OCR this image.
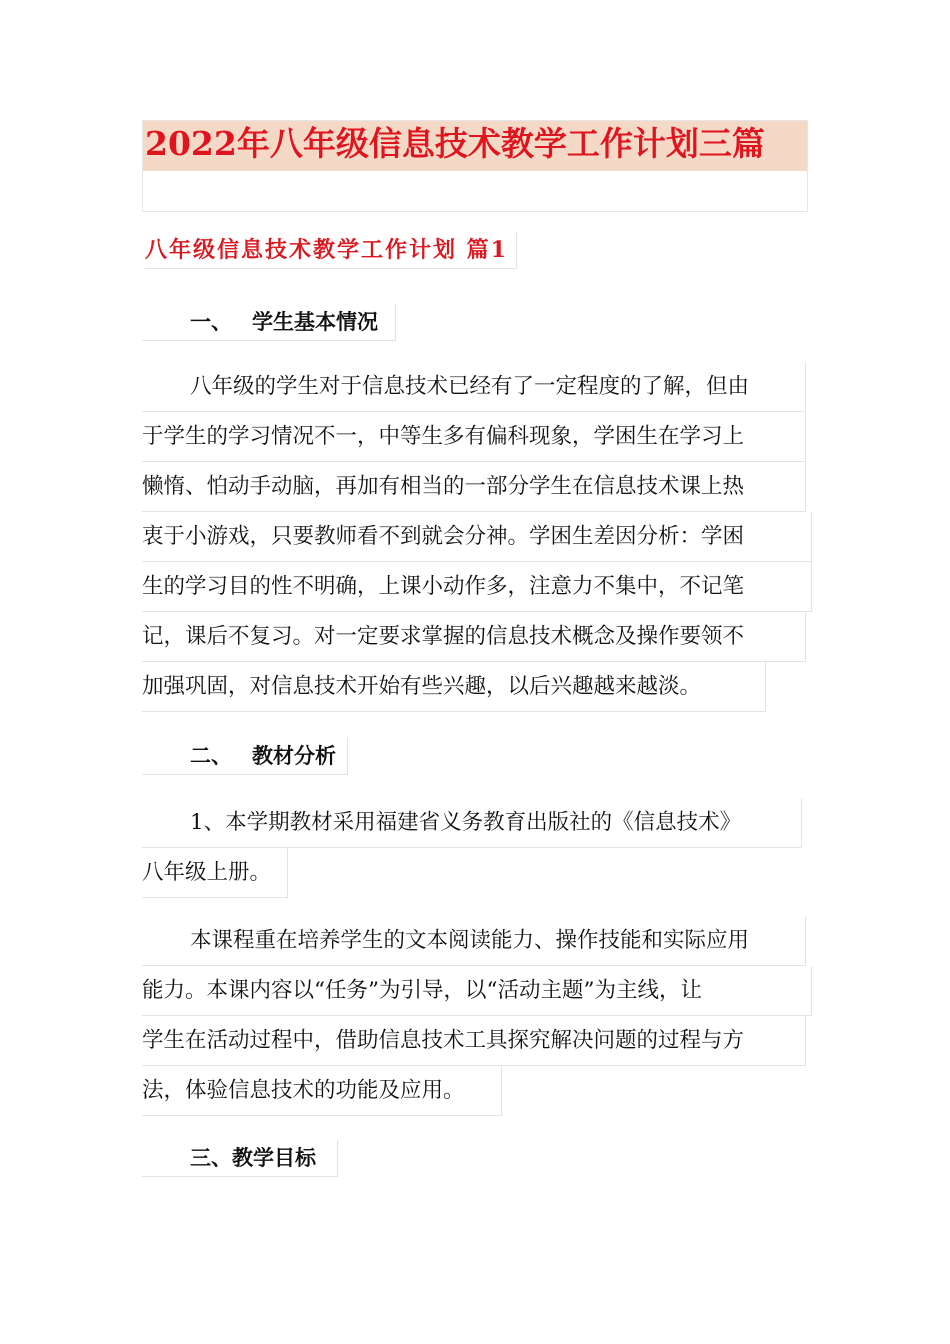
2022年八年级信息技术教学工作计划三篇
八年级信息技术教学工作计划 篇1
一、 学生基本情况
八年级的学生对于信息技术已经有了一定程度的了解，但由
于学生的学习情况不一，中等生多有偏科现象，学困生在学习上
懒惰、怕动手动脑，再加有相当的一部分学生在信息技术课上热
衷于小游戏，只要教师看不到就会分神。学困生差因分析：学困
生的学习目的性不明确，上课小动作多，注意力不集中，不记笔
记，课后不复习。对一定要求掌握的信息技术概念及操作要领不
加强巩固，对信息技术开始有些兴趣，以后兴趣越来越淡。
二、 教材分析
1、本学期教材采用福建省义务教育出版社的《信息技术》
八年级上册。
本课程重在培养学生的文本阅读能力、操作技能和实际应用
能力。本课内容以“任务”为引导，以“活动主题”为主线，让
学生在活动过程中，借助信息技术工具探究解决问题的过程与方
法，体验信息技术的功能及应用。
三、教学目标
